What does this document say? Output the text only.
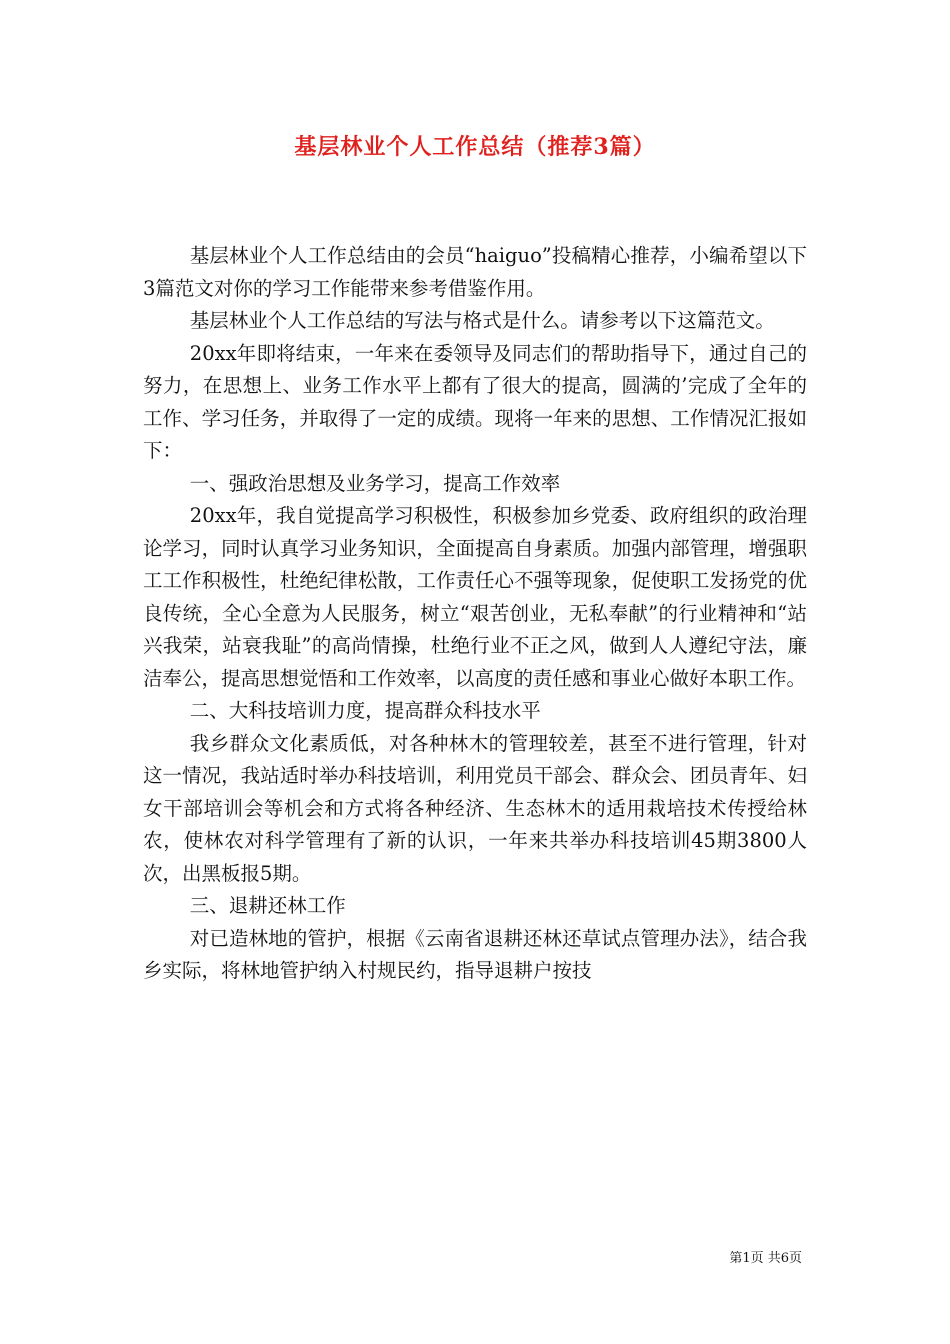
基层林业个人工作总结（推荐3篇）

基层林业个人工作总结由的会员“haiguo”投稿精心推荐，小编希望以下3篇范文对你的学习工作能带来参考借鉴作用。

基层林业个人工作总结的写法与格式是什么。请参考以下这篇范文。

20xx年即将结束，一年来在委领导及同志们的帮助指导下，通过自己的努力，在思想上、业务工作水平上都有了很大的提高，圆满的’完成了全年的工作、学习任务，并取得了一定的成绩。现将一年来的思想、工作情况汇报如下：

一、强政治思想及业务学习，提高工作效率

20xx年，我自觉提高学习积极性，积极参加乡党委、政府组织的政治理论学习，同时认真学习业务知识，全面提高自身素质。加强内部管理，增强职工工作积极性，杜绝纪律松散，工作责任心不强等现象，促使职工发扬党的优良传统，全心全意为人民服务，树立“艰苦创业，无私奉献”的行业精神和“站兴我荣，站衰我耻”的高尚情操，杜绝行业不正之风，做到人人遵纪守法，廉洁奉公，提高思想觉悟和工作效率，以高度的责任感和事业心做好本职工作。

二、大科技培训力度，提高群众科技水平

我乡群众文化素质低，对各种林木的管理较差，甚至不进行管理，针对这一情况，我站适时举办科技培训，利用党员干部会、群众会、团员青年、妇女干部培训会等机会和方式将各种经济、生态林木的适用栽培技术传授给林农，使林农对科学管理有了新的认识，一年来共举办科技培训45期3800人次，出黑板报5期。

三、退耕还林工作

对已造林地的管护，根据《云南省退耕还林还草试点管理办法》，结合我乡实际，将林地管护纳入村规民约，指导退耕户按技

第1页 共6页
